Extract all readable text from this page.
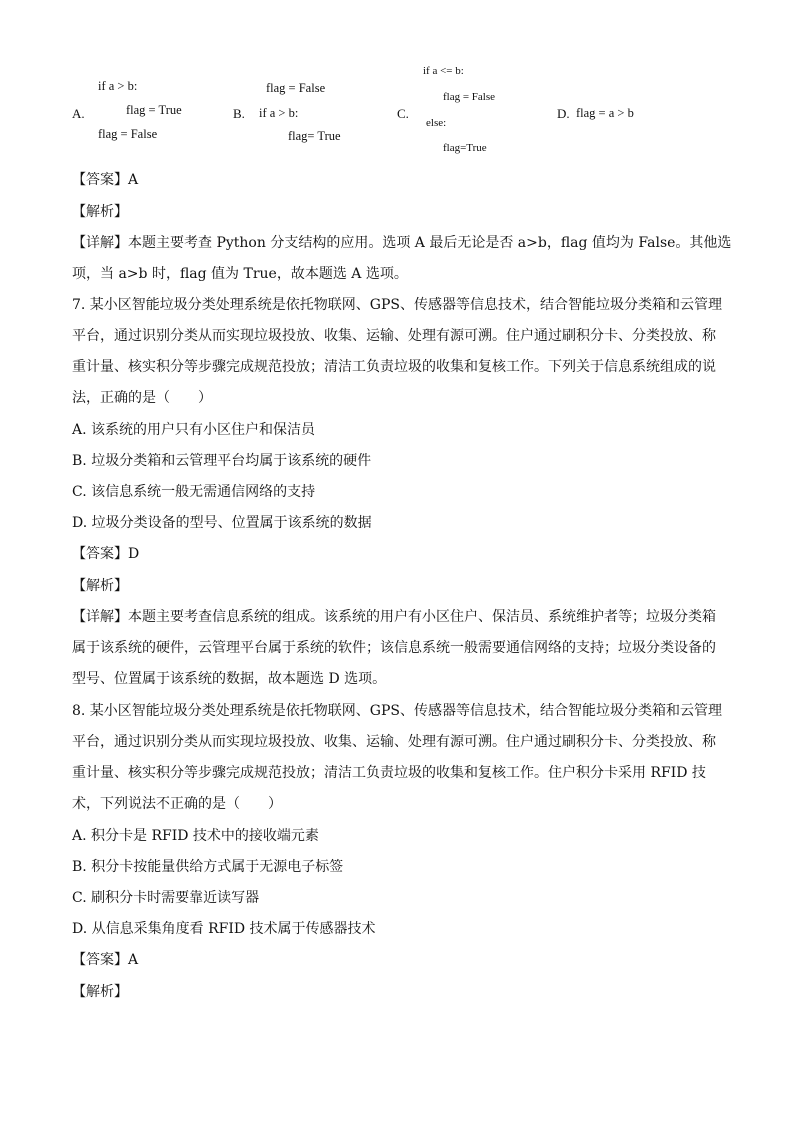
A.
if a > b:
flag = True
flag = False
flag = False
B. if a > b:
flag= True
if a <= b:
flag = False
C.
else:
flag=True
D. flag = a > b
【答案】A
【解析】
【详解】本题主要考查 Python 分支结构的应用。选项 A 最后无论是否 a>b，flag 值均为 False。其他选
项，当 a>b 时，flag 值为 True，故本题选 A 选项。
7. 某小区智能垃圾分类处理系统是依托物联网、GPS、传感器等信息技术，结合智能垃圾分类箱和云管理
平台，通过识别分类从而实现垃圾投放、收集、运输、处理有源可溯。住户通过刷积分卡、分类投放、称
重计量、核实积分等步骤完成规范投放；清洁工负责垃圾的收集和复核工作。下列关于信息系统组成的说
法，正确的是（　　）
A. 该系统的用户只有小区住户和保洁员
B. 垃圾分类箱和云管理平台均属于该系统的硬件
C. 该信息系统一般无需通信网络的支持
D. 垃圾分类设备的型号、位置属于该系统的数据
【答案】D
【解析】
【详解】本题主要考查信息系统的组成。该系统的用户有小区住户、保洁员、系统维护者等；垃圾分类箱
属于该系统的硬件，云管理平台属于系统的软件；该信息系统一般需要通信网络的支持；垃圾分类设备的
型号、位置属于该系统的数据，故本题选 D 选项。
8. 某小区智能垃圾分类处理系统是依托物联网、GPS、传感器等信息技术，结合智能垃圾分类箱和云管理
平台，通过识别分类从而实现垃圾投放、收集、运输、处理有源可溯。住户通过刷积分卡、分类投放、称
重计量、核实积分等步骤完成规范投放；清洁工负责垃圾的收集和复核工作。住户积分卡采用 RFID 技
术，下列说法不正确的是（　　）
A. 积分卡是 RFID 技术中的接收端元素
B. 积分卡按能量供给方式属于无源电子标签
C. 刷积分卡时需要靠近读写器
D. 从信息采集角度看 RFID 技术属于传感器技术
【答案】A
【解析】
